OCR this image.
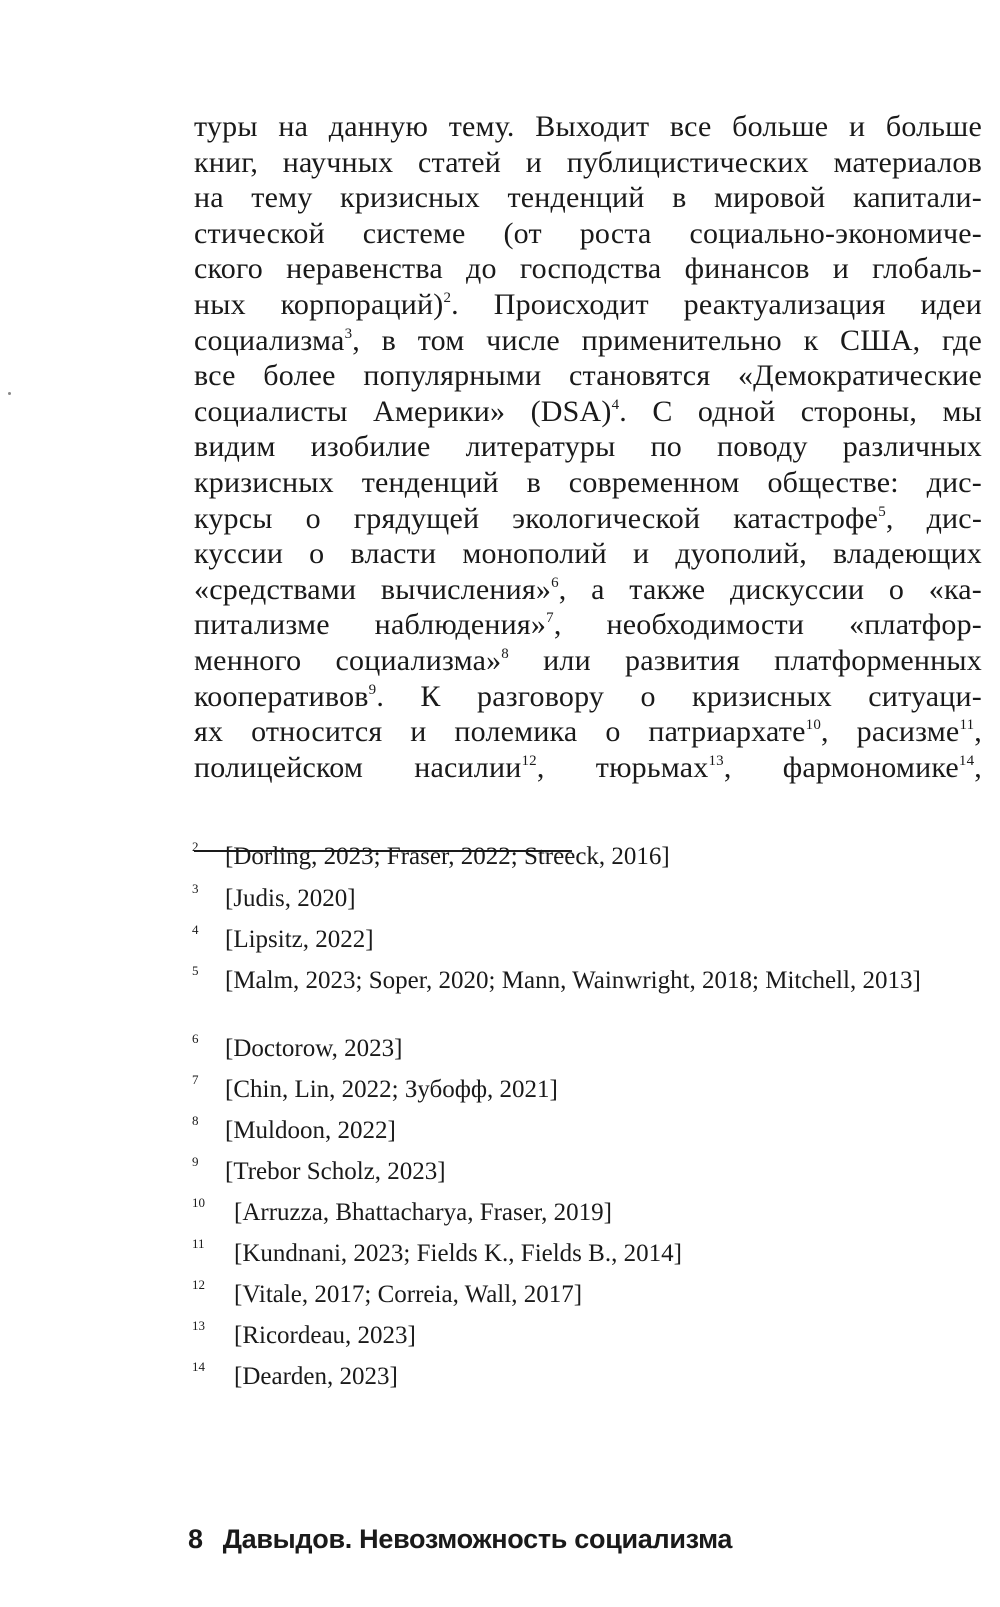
туры на данную тему. Выходит все больше и больше
книг, научных статей и публицистических материалов
на тему кризисных тенденций в мировой капитали-
стической системе (от роста социально-экономиче-
ского неравенства до господства финансов и глобаль-
ных корпораций)$^2$. Происходит реактуализация идеи
социализма$^3$, в том числе применительно к США, где
все более популярными становятся «Демократические
социалисты Америки» (DSA)$^4$. С одной стороны, мы
видим изобилие литературы по поводу различных
кризисных тенденций в современном обществе: дис-
курсы о грядущей экологической катастрофе$^5$, дис-
куссии о власти монополий и дуополий, владеющих
«средствами вычисления»$^6$, а также дискуссии о «ка-
питализме наблюдения»$^7$, необходимости «платфор-
менного социализма»$^8$ или развития платформенных
кооперативов$^9$. К разговору о кризисных ситуаци-
ях относится и полемика о патриархате$^{10}$, расизме$^{11}$,
полицейском насилии$^{12}$, тюрьмах$^{13}$, фармономике$^{14}$,
2	[Dorling, 2023; Fraser, 2022; Streeck, 2016]
3	[Judis, 2020]
4	[Lipsitz, 2022]
5	[Malm, 2023; Soper, 2020; Mann, Wainwright, 2018; Mitchell, 2013]
6	[Doctorow, 2023]
7	[Chin, Lin, 2022; Зубофф, 2021]
8	[Muldoon, 2022]
9	[Trebor Scholz, 2023]
10	[Arruzza, Bhattacharya, Fraser, 2019]
11	[Kundnani, 2023; Fields K., Fields B., 2014]
12	[Vitale, 2017; Correia, Wall, 2017]
13	[Ricordeau, 2023]
14	[Dearden, 2023]
8 Давыдов. Невозможность социализма
